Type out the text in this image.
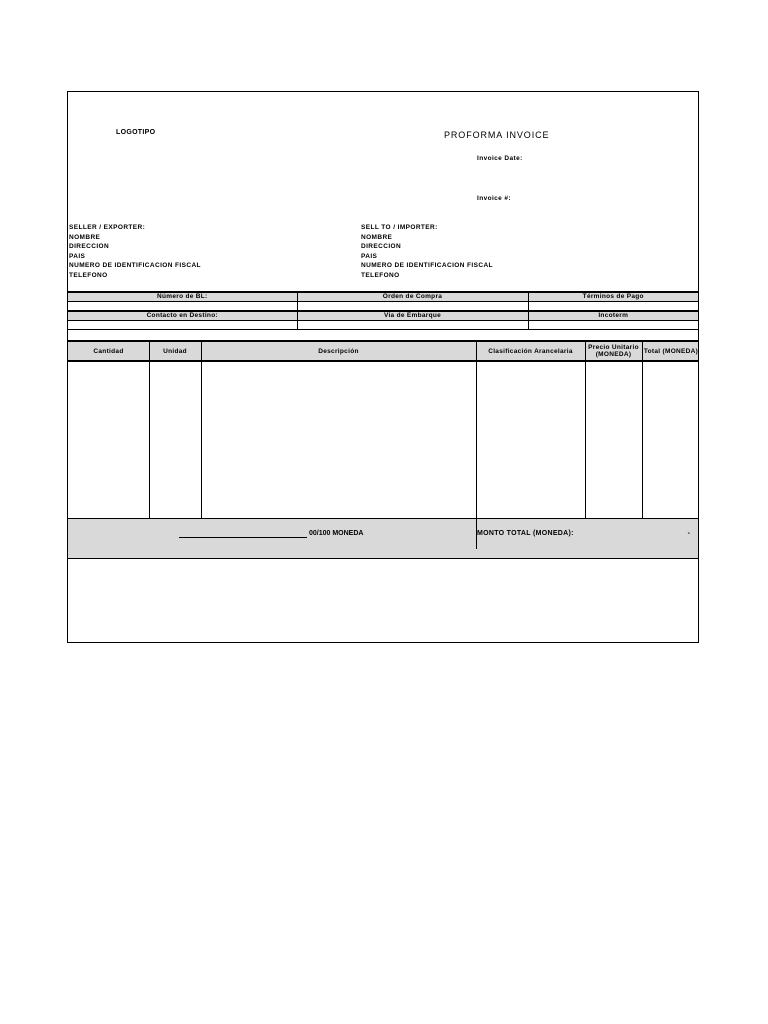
LOGOTIPO	PROFORMA INVOICE
Invoice Date:
Invoice #:
SELLER / EXPORTER:
NOMBRE
DIRECCION
PAIS
NUMERO DE IDENTIFICACION FISCAL
TELEFONO
SELL TO / IMPORTER:
NOMBRE
DIRECCION
PAIS
NUMERO DE IDENTIFICACION FISCAL
TELEFONO
Número de BL:	Orden de Compra	Términos de Pago

Contacto en Destino:	Via de Embarque	Incoterm

Cantidad	Unidad	Descripción	Clasificación Arancelaria	Precio Unitario (MONEDA)	Total (MONEDA)
00/100 MONEDA	MONTO TOTAL (MONEDA):	-
